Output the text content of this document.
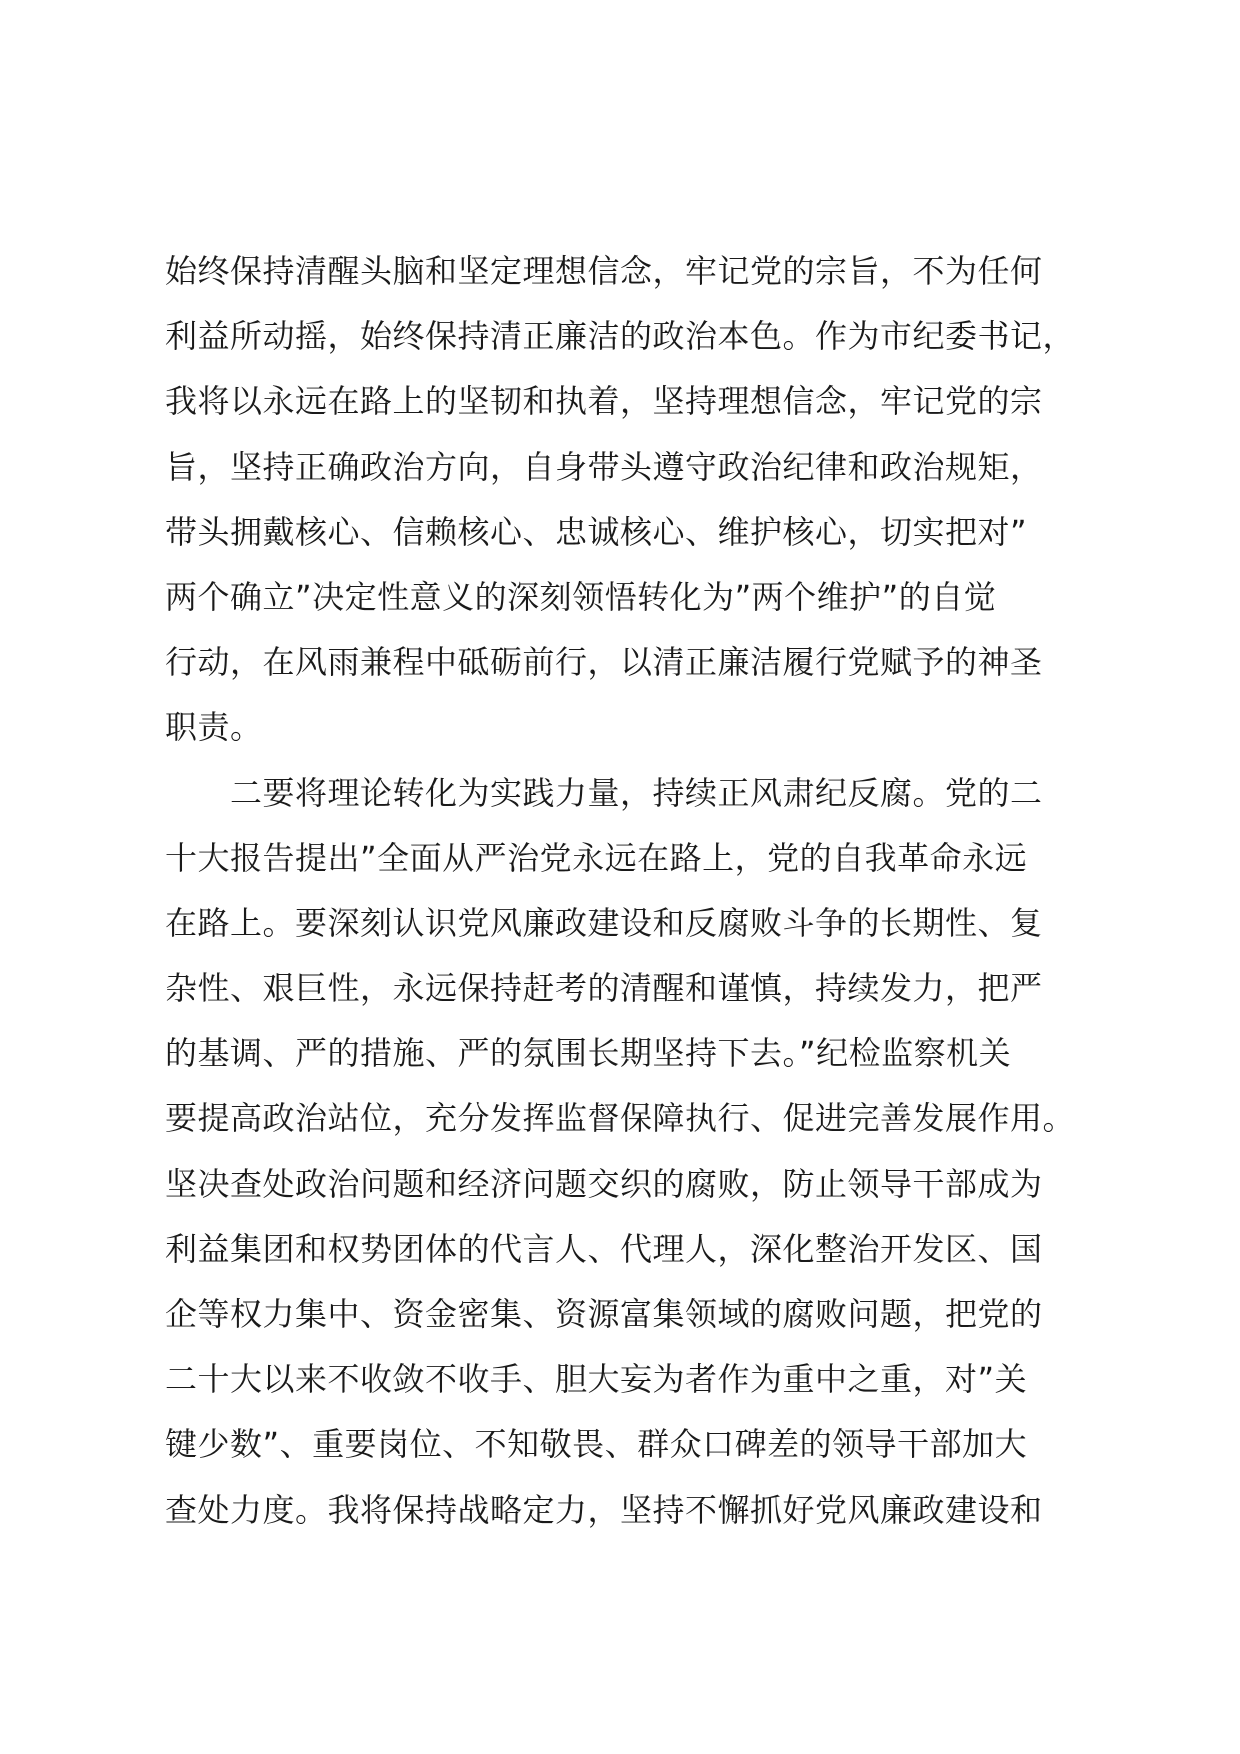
始终保持清醒头脑和坚定理想信念，牢记党的宗旨，不为任何
利益所动摇，始终保持清正廉洁的政治本色。作为市纪委书记，
我将以永远在路上的坚韧和执着，坚持理想信念，牢记党的宗
旨，坚持正确政治方向，自身带头遵守政治纪律和政治规矩，
带头拥戴核心、信赖核心、忠诚核心、维护核心，切实把对”
两个确立”决定性意义的深刻领悟转化为”两个维护”的自觉
行动，在风雨兼程中砥砺前行，以清正廉洁履行党赋予的神圣
职责。
二要将理论转化为实践力量，持续正风肃纪反腐。党的二
十大报告提出”全面从严治党永远在路上，党的自我革命永远
在路上。要深刻认识党风廉政建设和反腐败斗争的长期性、复
杂性、艰巨性，永远保持赶考的清醒和谨慎，持续发力，把严
的基调、严的措施、严的氛围长期坚持下去。”纪检监察机关
要提高政治站位，充分发挥监督保障执行、促进完善发展作用。
坚决查处政治问题和经济问题交织的腐败，防止领导干部成为
利益集团和权势团体的代言人、代理人，深化整治开发区、国
企等权力集中、资金密集、资源富集领域的腐败问题，把党的
二十大以来不收敛不收手、胆大妄为者作为重中之重，对”关
键少数”、重要岗位、不知敬畏、群众口碑差的领导干部加大
查处力度。我将保持战略定力，坚持不懈抓好党风廉政建设和
